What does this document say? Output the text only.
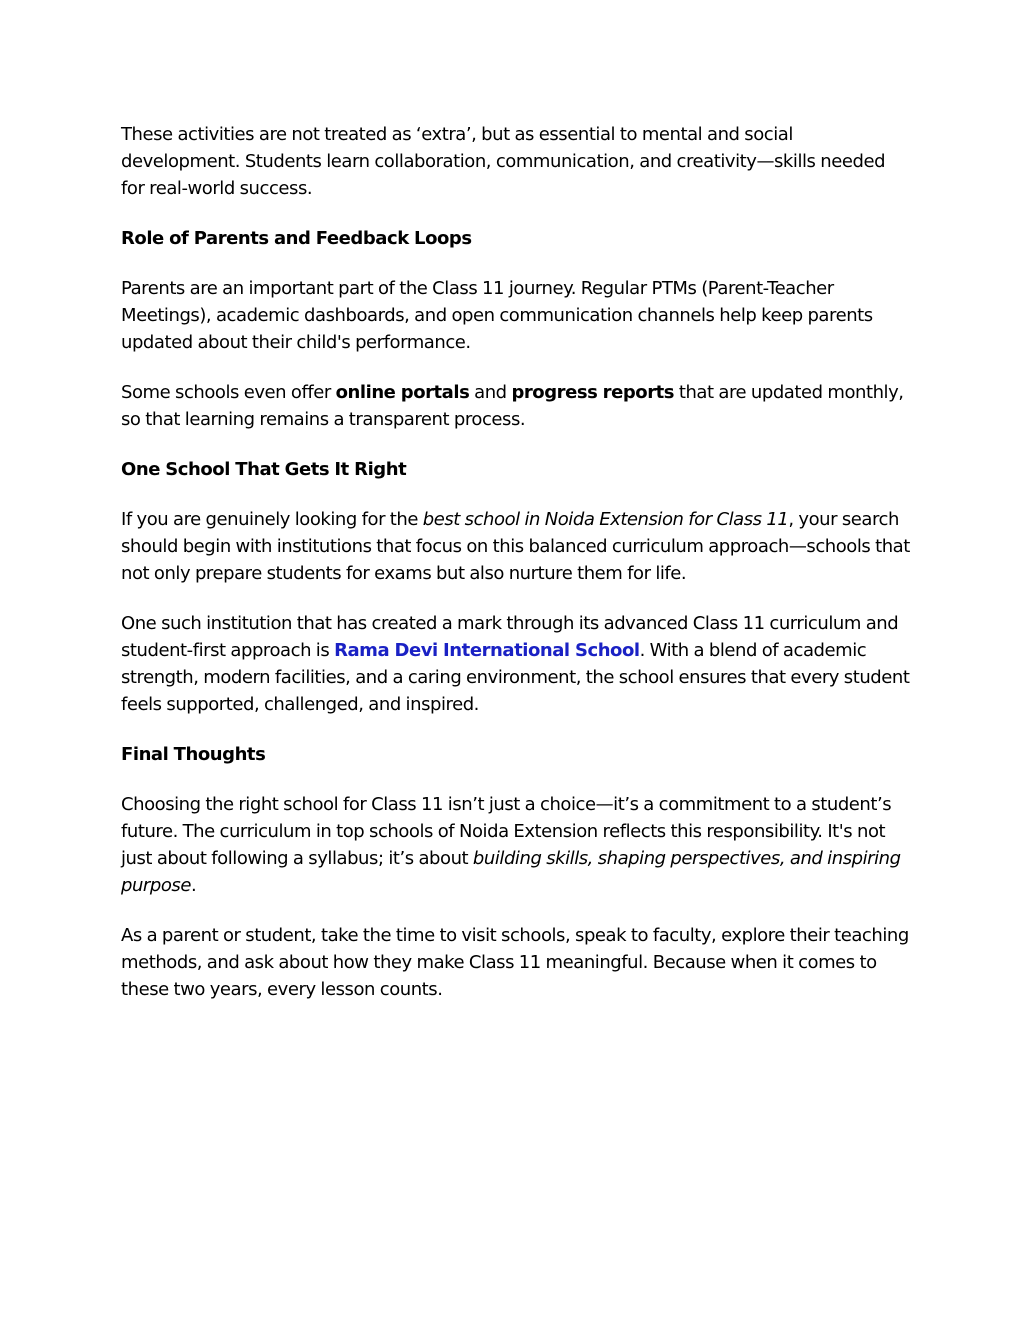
These activities are not treated as ‘extra’, but as essential to mental and social development. Students learn collaboration, communication, and creativity—skills needed for real-world success.

Role of Parents and Feedback Loops

Parents are an important part of the Class 11 journey. Regular PTMs (Parent-Teacher Meetings), academic dashboards, and open communication channels help keep parents updated about their child's performance.

Some schools even offer online portals and progress reports that are updated monthly, so that learning remains a transparent process.

One School That Gets It Right

If you are genuinely looking for the best school in Noida Extension for Class 11, your search should begin with institutions that focus on this balanced curriculum approach—schools that not only prepare students for exams but also nurture them for life.

One such institution that has created a mark through its advanced Class 11 curriculum and student-first approach is Rama Devi International School. With a blend of academic strength, modern facilities, and a caring environment, the school ensures that every student feels supported, challenged, and inspired.

Final Thoughts

Choosing the right school for Class 11 isn’t just a choice—it’s a commitment to a student’s future. The curriculum in top schools of Noida Extension reflects this responsibility. It's not just about following a syllabus; it’s about building skills, shaping perspectives, and inspiring purpose.

As a parent or student, take the time to visit schools, speak to faculty, explore their teaching methods, and ask about how they make Class 11 meaningful. Because when it comes to these two years, every lesson counts.
